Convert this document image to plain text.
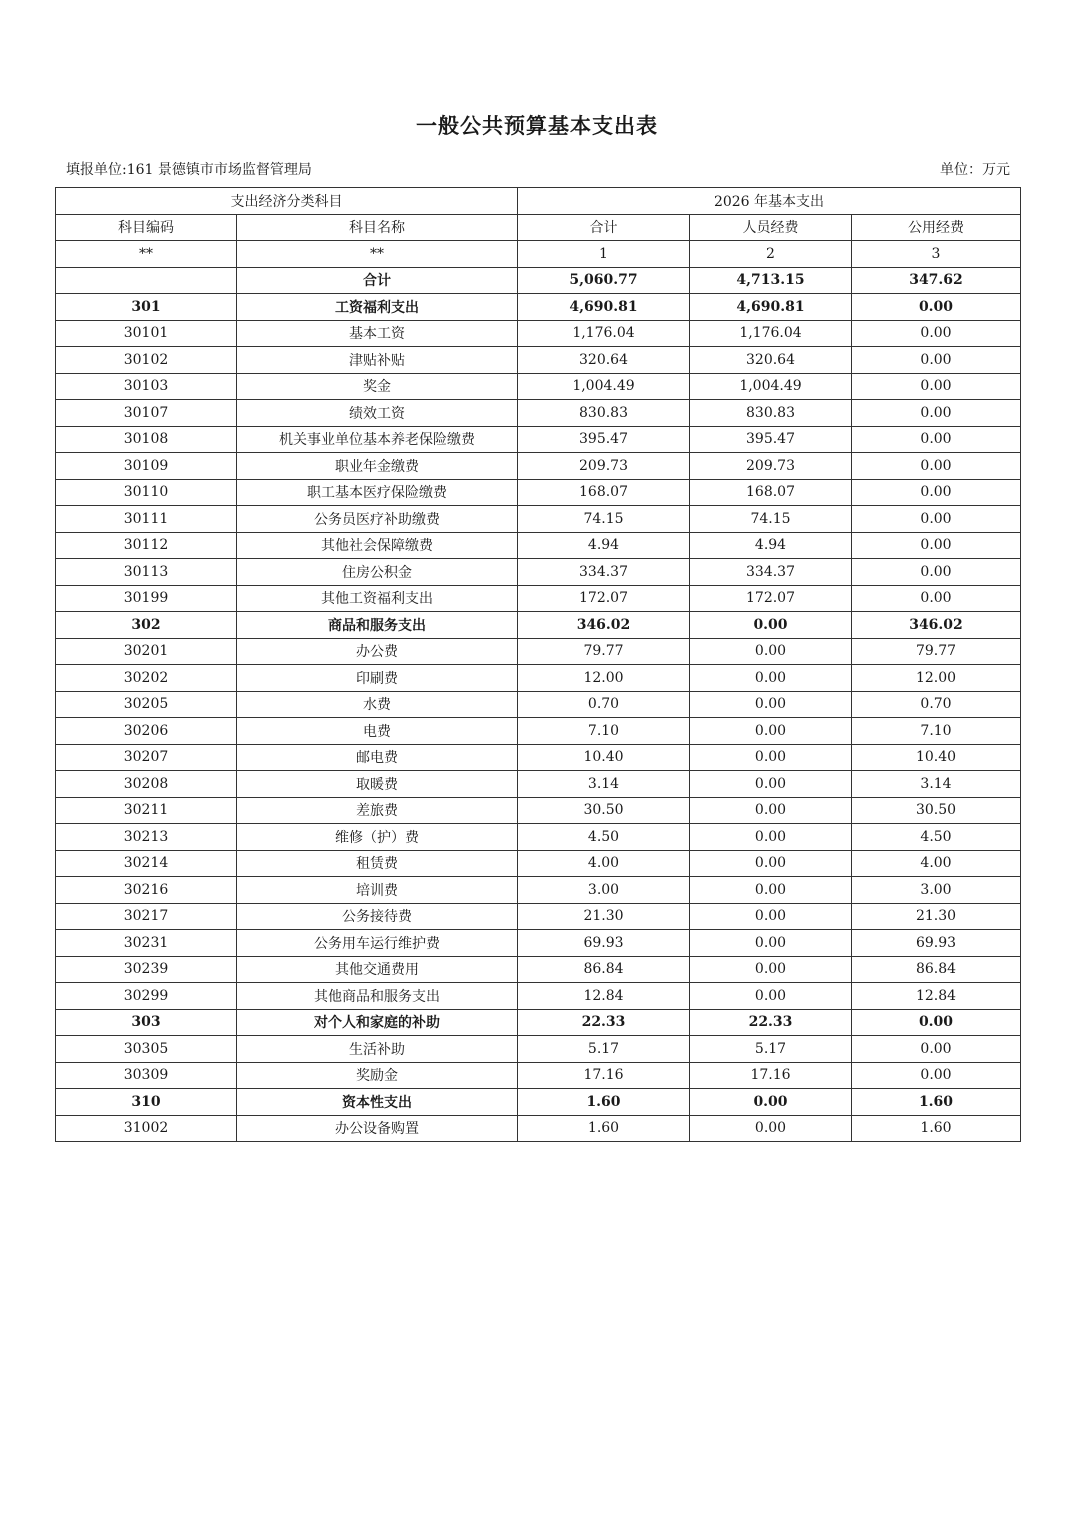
一般公共预算基本支出表
填报单位:161 景德镇市市场监督管理局	单位：万元
支出经济分类科目		2026 年基本支出		
科目编码	科目名称	合计	人员经费	公用经费
**	**	1	2	3
	合计	5,060.77	4,713.15	347.62
301	工资福利支出	4,690.81	4,690.81	0.00
30101	基本工资	1,176.04	1,176.04	0.00
30102	津贴补贴	320.64	320.64	0.00
30103	奖金	1,004.49	1,004.49	0.00
30107	绩效工资	830.83	830.83	0.00
30108	机关事业单位基本养老保险缴费	395.47	395.47	0.00
30109	职业年金缴费	209.73	209.73	0.00
30110	职工基本医疗保险缴费	168.07	168.07	0.00
30111	公务员医疗补助缴费	74.15	74.15	0.00
30112	其他社会保障缴费	4.94	4.94	0.00
30113	住房公积金	334.37	334.37	0.00
30199	其他工资福利支出	172.07	172.07	0.00
302	商品和服务支出	346.02	0.00	346.02
30201	办公费	79.77	0.00	79.77
30202	印刷费	12.00	0.00	12.00
30205	水费	0.70	0.00	0.70
30206	电费	7.10	0.00	7.10
30207	邮电费	10.40	0.00	10.40
30208	取暖费	3.14	0.00	3.14
30211	差旅费	30.50	0.00	30.50
30213	维修（护）费	4.50	0.00	4.50
30214	租赁费	4.00	0.00	4.00
30216	培训费	3.00	0.00	3.00
30217	公务接待费	21.30	0.00	21.30
30231	公务用车运行维护费	69.93	0.00	69.93
30239	其他交通费用	86.84	0.00	86.84
30299	其他商品和服务支出	12.84	0.00	12.84
303	对个人和家庭的补助	22.33	22.33	0.00
30305	生活补助	5.17	5.17	0.00
30309	奖励金	17.16	17.16	0.00
310	资本性支出	1.60	0.00	1.60
31002	办公设备购置	1.60	0.00	1.60
